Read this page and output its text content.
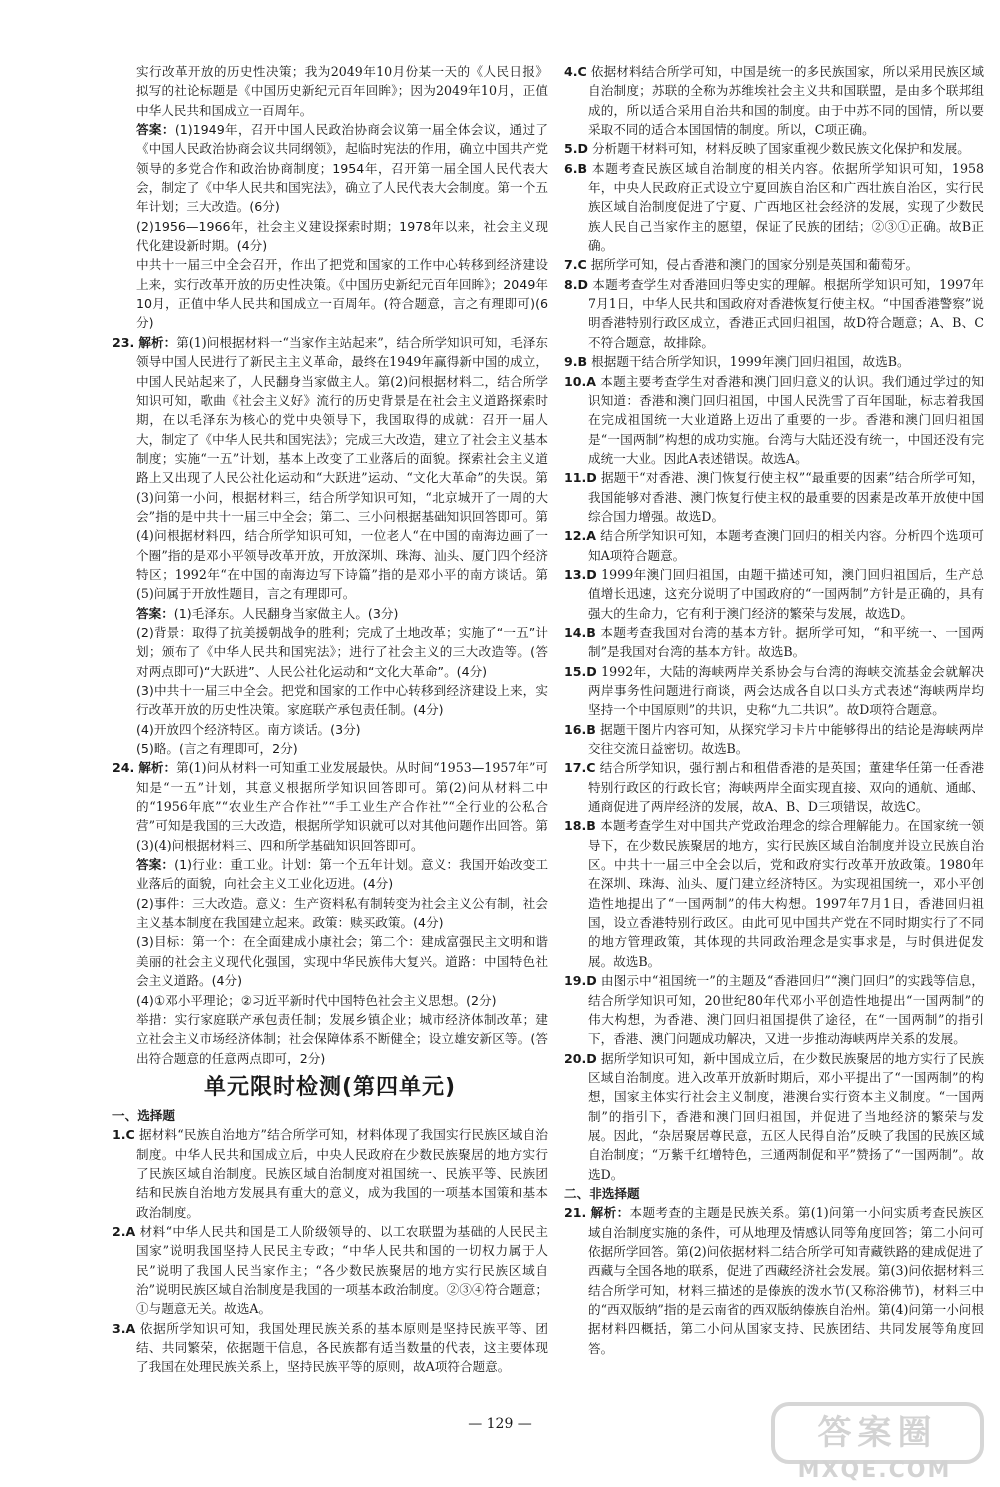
实行改革开放的历史性决策；我为2049年10月份某一天的《人民日报》拟写的社论标题是《中国历史新纪元百年回眸》；因为2049年10月，正值中华人民共和国成立一百周年。

答案：(1)1949年，召开中国人民政治协商会议第一届全体会议，通过了《中国人民政治协商会议共同纲领》，起临时宪法的作用，确立中国共产党领导的多党合作和政治协商制度；1954年，召开第一届全国人民代表大会，制定了《中华人民共和国宪法》，确立了人民代表大会制度。第一个五年计划；三大改造。(6分)

(2)1956—1966年，社会主义建设探索时期；1978年以来，社会主义现代化建设新时期。(4分)

中共十一届三中全会召开，作出了把党和国家的工作中心转移到经济建设上来，实行改革开放的历史性决策。《中国历史新纪元百年回眸》；2049年10月，正值中华人民共和国成立一百周年。(符合题意，言之有理即可)(6分)

23. 解析：第(1)问根据材料一“当家作主站起来”，结合所学知识可知，毛泽东领导中国人民进行了新民主主义革命，最终在1949年赢得新中国的成立，中国人民站起来了，人民翻身当家做主人。第(2)问根据材料二，结合所学知识可知，歌曲《社会主义好》流行的历史背景是在社会主义道路探索时期，在以毛泽东为核心的党中央领导下，我国取得的成就：召开一届人大，制定了《中华人民共和国宪法》；完成三大改造，建立了社会主义基本制度；实施“一五”计划，基本上改变了工业落后的面貌。探索社会主义道路上又出现了人民公社化运动和“大跃进”运动、“文化大革命”的失误。第(3)问第一小问，根据材料三，结合所学知识可知，“北京城开了一周的大会”指的是中共十一届三中全会；第二、三小问根据基础知识回答即可。第(4)问根据材料四，结合所学知识可知，一位老人“在中国的南海边画了一个圈”指的是邓小平领导改革开放，开放深圳、珠海、汕头、厦门四个经济特区；1992年“在中国的南海边写下诗篇”指的是邓小平的南方谈话。第(5)问属于开放性题目，言之有理即可。

答案：(1)毛泽东。人民翻身当家做主人。(3分)

(2)背景：取得了抗美援朝战争的胜利；完成了土地改革；实施了“一五”计划；颁布了《中华人民共和国宪法》；进行了社会主义的三大改造等。(答对两点即可)“大跃进”、人民公社化运动和“文化大革命”。(4分)

(3)中共十一届三中全会。把党和国家的工作中心转移到经济建设上来，实行改革开放的历史性决策。家庭联产承包责任制。(4分)

(4)开放四个经济特区。南方谈话。(3分)

(5)略。(言之有理即可，2分)

24. 解析：第(1)问从材料一可知重工业发展最快。从时间“1953—1957年”可知是“一五”计划，其意义根据所学知识回答即可。第(2)问从材料二中的“1956年底”“农业生产合作社”“手工业生产合作社”“全行业的公私合营”可知是我国的三大改造，根据所学知识就可以对其他问题作出回答。第(3)(4)问根据材料三、四和所学基础知识回答即可。

答案：(1)行业：重工业。计划：第一个五年计划。意义：我国开始改变工业落后的面貌，向社会主义工业化迈进。(4分)

(2)事件：三大改造。意义：生产资料私有制转变为社会主义公有制，社会主义基本制度在我国建立起来。政策：赎买政策。(4分)

(3)目标：第一个：在全面建成小康社会；第二个：建成富强民主文明和谐美丽的社会主义现代化强国，实现中华民族伟大复兴。道路：中国特色社会主义道路。(4分)

(4)①邓小平理论；②习近平新时代中国特色社会主义思想。(2分)

举措：实行家庭联产承包责任制；发展乡镇企业；城市经济体制改革；建立社会主义市场经济体制；社会保障体系不断健全；设立雄安新区等。(答出符合题意的任意两点即可，2分)

单元限时检测(第四单元)

一、选择题

1.C 据材料“民族自治地方”结合所学可知，材料体现了我国实行民族区域自治制度。中华人民共和国成立后，中央人民政府在少数民族聚居的地方实行了民族区域自治制度。民族区域自治制度对祖国统一、民族平等、民族团结和民族自治地方发展具有重大的意义，成为我国的一项基本国策和基本政治制度。

2.A 材料“中华人民共和国是工人阶级领导的、以工农联盟为基础的人民民主国家”说明我国坚持人民民主专政；“中华人民共和国的一切权力属于人民”说明了我国人民当家作主；“各少数民族聚居的地方实行民族区域自治”说明民族区域自治制度是我国的一项基本政治制度。②③④符合题意；①与题意无关。故选A。

3.A 依据所学知识可知，我国处理民族关系的基本原则是坚持民族平等、团结、共同繁荣，依据题干信息，各民族都有适当数量的代表，这主要体现了我国在处理民族关系上，坚持民族平等的原则，故A项符合题意。

4.C 依据材料结合所学可知，中国是统一的多民族国家，所以采用民族区域自治制度；苏联的全称为苏维埃社会主义共和国联盟，是由多个联邦组成的，所以适合采用自治共和国的制度。由于中苏不同的国情，所以要采取不同的适合本国国情的制度。所以，C项正确。

5.D 分析题干材料可知，材料反映了国家重视少数民族文化保护和发展。

6.B 本题考查民族区域自治制度的相关内容。依据所学知识可知，1958年，中央人民政府正式设立宁夏回族自治区和广西壮族自治区，实行民族区域自治制度促进了宁夏、广西地区社会经济的发展，实现了少数民族人民自己当家作主的愿望，保证了民族的团结；②③①正确。故B正确。

7.C 据所学可知，侵占香港和澳门的国家分别是英国和葡萄牙。

8.D 本题考查学生对香港回归等史实的理解。根据所学知识可知，1997年7月1日，中华人民共和国政府对香港恢复行使主权。“中国香港警察”说明香港特别行政区成立，香港正式回归祖国，故D符合题意；A、B、C不符合题意，故排除。

9.B 根据题干结合所学知识，1999年澳门回归祖国，故选B。

10.A 本题主要考查学生对香港和澳门回归意义的认识。我们通过学过的知识知道：香港和澳门回归祖国，中国人民洗雪了百年国耻，标志着我国在完成祖国统一大业道路上迈出了重要的一步。香港和澳门回归祖国是“一国两制”构想的成功实施。台湾与大陆还没有统一，中国还没有完成统一大业。因此A表述错误。故选A。

11.D 据题干“对香港、澳门恢复行使主权”“最重要的因素”结合所学可知，我国能够对香港、澳门恢复行使主权的最重要的因素是改革开放使中国综合国力增强。故选D。

12.A 结合所学知识可知，本题考查澳门回归的相关内容。分析四个选项可知A项符合题意。

13.D 1999年澳门回归祖国，由题干描述可知，澳门回归祖国后，生产总值增长迅速，这充分说明了中国政府的“一国两制”方针是正确的，具有强大的生命力，它有利于澳门经济的繁荣与发展，故选D。

14.B 本题考查我国对台湾的基本方针。据所学可知，“和平统一、一国两制”是我国对台湾的基本方针。故选B。

15.D 1992年，大陆的海峡两岸关系协会与台湾的海峡交流基金会就解决两岸事务性问题进行商谈，两会达成各自以口头方式表述“海峡两岸均坚持一个中国原则”的共识，史称“九二共识”。故D项符合题意。

16.B 据题干图片内容可知，从探究学习卡片中能够得出的结论是海峡两岸交往交流日益密切。故选B。

17.C 结合所学知识，强行割占和租借香港的是英国；董建华任第一任香港特别行政区的行政长官；海峡两岸全面实现直接、双向的通航、通邮、通商促进了两岸经济的发展，故A、B、D三项错误，故选C。

18.B 本题考查学生对中国共产党政治理念的综合理解能力。在国家统一领导下，在少数民族聚居的地方，实行民族区域自治制度并设立民族自治区。中共十一届三中全会以后，党和政府实行改革开放政策。1980年在深圳、珠海、汕头、厦门建立经济特区。为实现祖国统一，邓小平创造性地提出了“一国两制”的伟大构想。1997年7月1日，香港回归祖国，设立香港特别行政区。由此可见中国共产党在不同时期实行了不同的地方管理政策，其体现的共同政治理念是实事求是，与时俱进促发展。故选B。

19.D 由图示中“祖国统一”的主题及“香港回归”“澳门回归”的实践等信息，结合所学知识可知，20世纪80年代邓小平创造性地提出“一国两制”的伟大构想，为香港、澳门回归祖国提供了途径，在“一国两制”的指引下，香港、澳门问题成功解决，又进一步推动海峡两岸关系的发展。

20.D 据所学知识可知，新中国成立后，在少数民族聚居的地方实行了民族区域自治制度。进入改革开放新时期后，邓小平提出了“一国两制”的构想，国家主体实行社会主义制度，港澳台实行资本主义制度。“一国两制”的指引下，香港和澳门回归祖国，并促进了当地经济的繁荣与发展。因此，“杂居聚居尊民意，五区人民得自治”反映了我国的民族区域自治制度；“万紫千红增特色，三通两制促和平”赞扬了“一国两制”。故选D。

二、非选择题

21. 解析：本题考查的主题是民族关系。第(1)问第一小问实质考查民族区域自治制度实施的条件，可从地理及情感认同等角度回答；第二小问可依据所学回答。第(2)问依据材料二结合所学可知青藏铁路的建成促进了西藏与全国各地的联系，促进了西藏经济社会发展。第(3)问依据材料三结合所学可知，材料三描述的是傣族的泼水节(又称浴佛节)，材料三中的“西双版纳”指的是云南省的西双版纳傣族自治州。第(4)问第一小问根据材料四概括，第二小问从国家支持、民族团结、共同发展等角度回答。

— 129 —	答案圈
MXQE.COM
